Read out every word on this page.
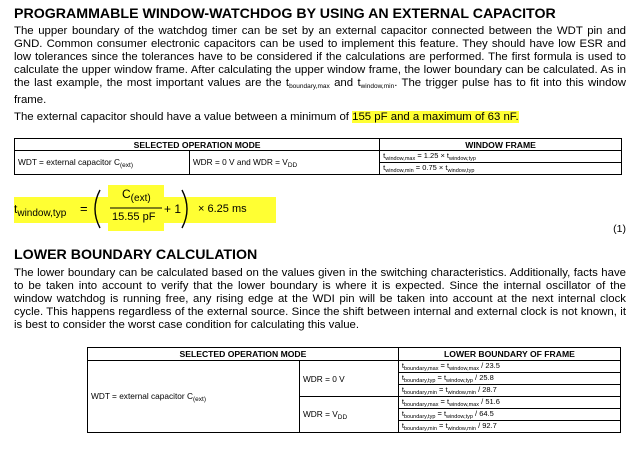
PROGRAMMABLE WINDOW-WATCHDOG BY USING AN EXTERNAL CAPACITOR

The upper boundary of the watchdog timer can be set by an external capacitor connected between the WDT pin and GND. Common consumer electronic capacitors can be used to implement this feature. They should have low ESR and low tolerances since the tolerances have to be considered if the calculations are performed. The first formula is used to calculate the upper window frame. After calculating the upper window frame, the lower boundary can be calculated. As in the last example, the most important values are the $t_{boundary,max}$ and $t_{window,min}$. The trigger pulse has to fit into this window frame.

The external capacitor should have a value between a minimum of 155 pF and a maximum of 63 nF.

SELECTED OPERATION MODE		WINDOW FRAME
WDT = external capacitor $C_{(ext)}$	WDR = 0 V and WDR = $V_{DD}$	$t_{window,max} = 1.25 \times t_{window,typ}$
		$t_{window,min} = 0.75 \times t_{window,typ}$
$t_{window,typ}$ =
$C_{(ext)}$
15.55 pF
+ 1 × 6.25 ms
(1)
LOWER BOUNDARY CALCULATION

The lower boundary can be calculated based on the values given in the switching characteristics. Additionally, facts have to be taken into account to verify that the lower boundary is where it is expected. Since the internal oscillator of the window watchdog is running free, any rising edge at the WDI pin will be taken into account at the next internal clock cycle. This happens regardless of the external source. Since the shift between internal and external clock is not known, it is best to consider the worst case condition for calculating this value.

SELECTED OPERATION MODE		LOWER BOUNDARY OF FRAME
WDT = external capacitor $C_{(ext)}$	WDR = 0 V	$t_{boundary,max} = t_{window,max} / 23.5$
		$t_{boundary,typ} = t_{window,typ} / 25.8$
		$t_{boundary,min} = t_{window,min} / 28.7$
	WDR = $V_{DD}$	$t_{boundary,max} = t_{window,max} / 51.6$
		$t_{boundary,typ} = t_{window,typ} / 64.5$
		$t_{boundary,min} = t_{window,min} / 92.7$
